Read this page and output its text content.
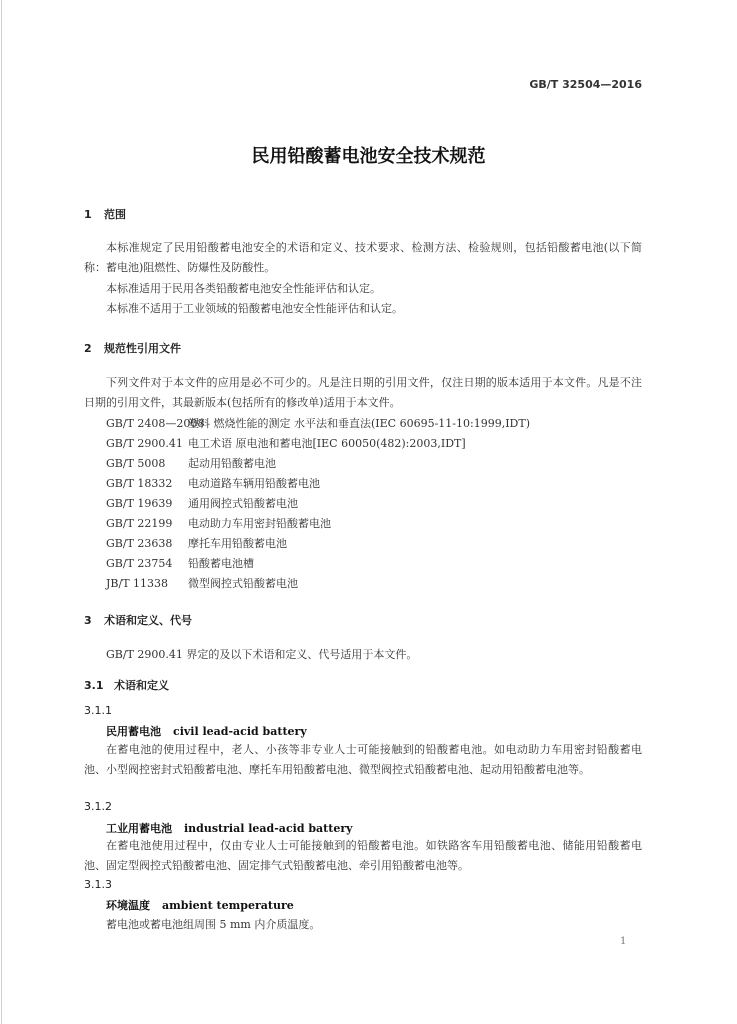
GB/T 32504—2016
民用铅酸蓄电池安全技术规范
1 范围
本标准规定了民用铅酸蓄电池安全的术语和定义、技术要求、检测方法、检验规则，包括铅酸蓄电池(以下简称：蓄电池)阻燃性、防爆性及防酸性。
本标准适用于民用各类铅酸蓄电池安全性能评估和认定。
本标准不适用于工业领域的铅酸蓄电池安全性能评估和认定。
2 规范性引用文件
下列文件对于本文件的应用是必不可少的。凡是注日期的引用文件，仅注日期的版本适用于本文件。凡是不注日期的引用文件，其最新版本(包括所有的修改单)适用于本文件。
GB/T 2408—2008塑料 燃烧性能的测定 水平法和垂直法(IEC 60695-11-10:1999,IDT)
GB/T 2900.41 电工术语 原电池和蓄电池[IEC 60050(482):2003,IDT]
GB/T 5008 起动用铅酸蓄电池
GB/T 18332 电动道路车辆用铅酸蓄电池
GB/T 19639 通用阀控式铅酸蓄电池
GB/T 22199 电动助力车用密封铅酸蓄电池
GB/T 23638 摩托车用铅酸蓄电池
GB/T 23754 铅酸蓄电池槽
JB/T 11338 微型阀控式铅酸蓄电池
3 术语和定义、代号
GB/T 2900.41 界定的及以下术语和定义、代号适用于本文件。
3.1 术语和定义
3.1.1
民用蓄电池 civil lead-acid battery
在蓄电池的使用过程中，老人、小孩等非专业人士可能接触到的铅酸蓄电池。如电动助力车用密封铅酸蓄电池、小型阀控密封式铅酸蓄电池、摩托车用铅酸蓄电池、微型阀控式铅酸蓄电池、起动用铅酸蓄电池等。
3.1.2
工业用蓄电池 industrial lead-acid battery
在蓄电池使用过程中，仅由专业人士可能接触到的铅酸蓄电池。如铁路客车用铅酸蓄电池、储能用铅酸蓄电池、固定型阀控式铅酸蓄电池、固定排气式铅酸蓄电池、牵引用铅酸蓄电池等。
3.1.3
环境温度 ambient temperature
蓄电池或蓄电池组周围 5 mm 内介质温度。
1
